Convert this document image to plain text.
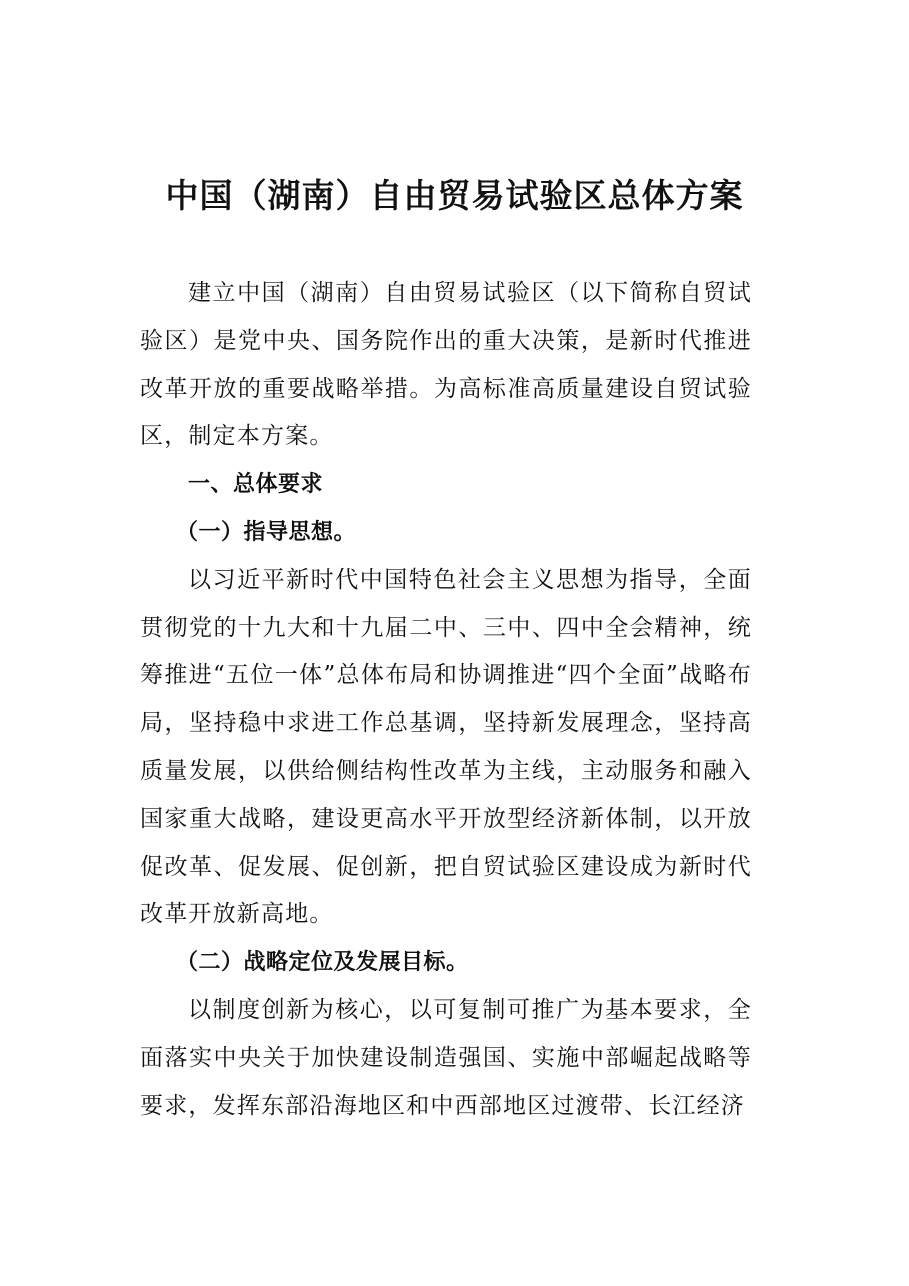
中国（湖南）自由贸易试验区总体方案

建立中国（湖南）自由贸易试验区（以下简称自贸试验区）是党中央、国务院作出的重大决策，是新时代推进改革开放的重要战略举措。为高标准高质量建设自贸试验区，制定本方案。

一、总体要求

（一）指导思想。

以习近平新时代中国特色社会主义思想为指导，全面贯彻党的十九大和十九届二中、三中、四中全会精神，统筹推进“五位一体”总体布局和协调推进“四个全面”战略布局，坚持稳中求进工作总基调，坚持新发展理念，坚持高质量发展，以供给侧结构性改革为主线，主动服务和融入国家重大战略，建设更高水平开放型经济新体制，以开放促改革、促发展、促创新，把自贸试验区建设成为新时代改革开放新高地。

（二）战略定位及发展目标。

以制度创新为核心，以可复制可推广为基本要求，全面落实中央关于加快建设制造强国、实施中部崛起战略等要求，发挥东部沿海地区和中西部地区过渡带、长江经济
